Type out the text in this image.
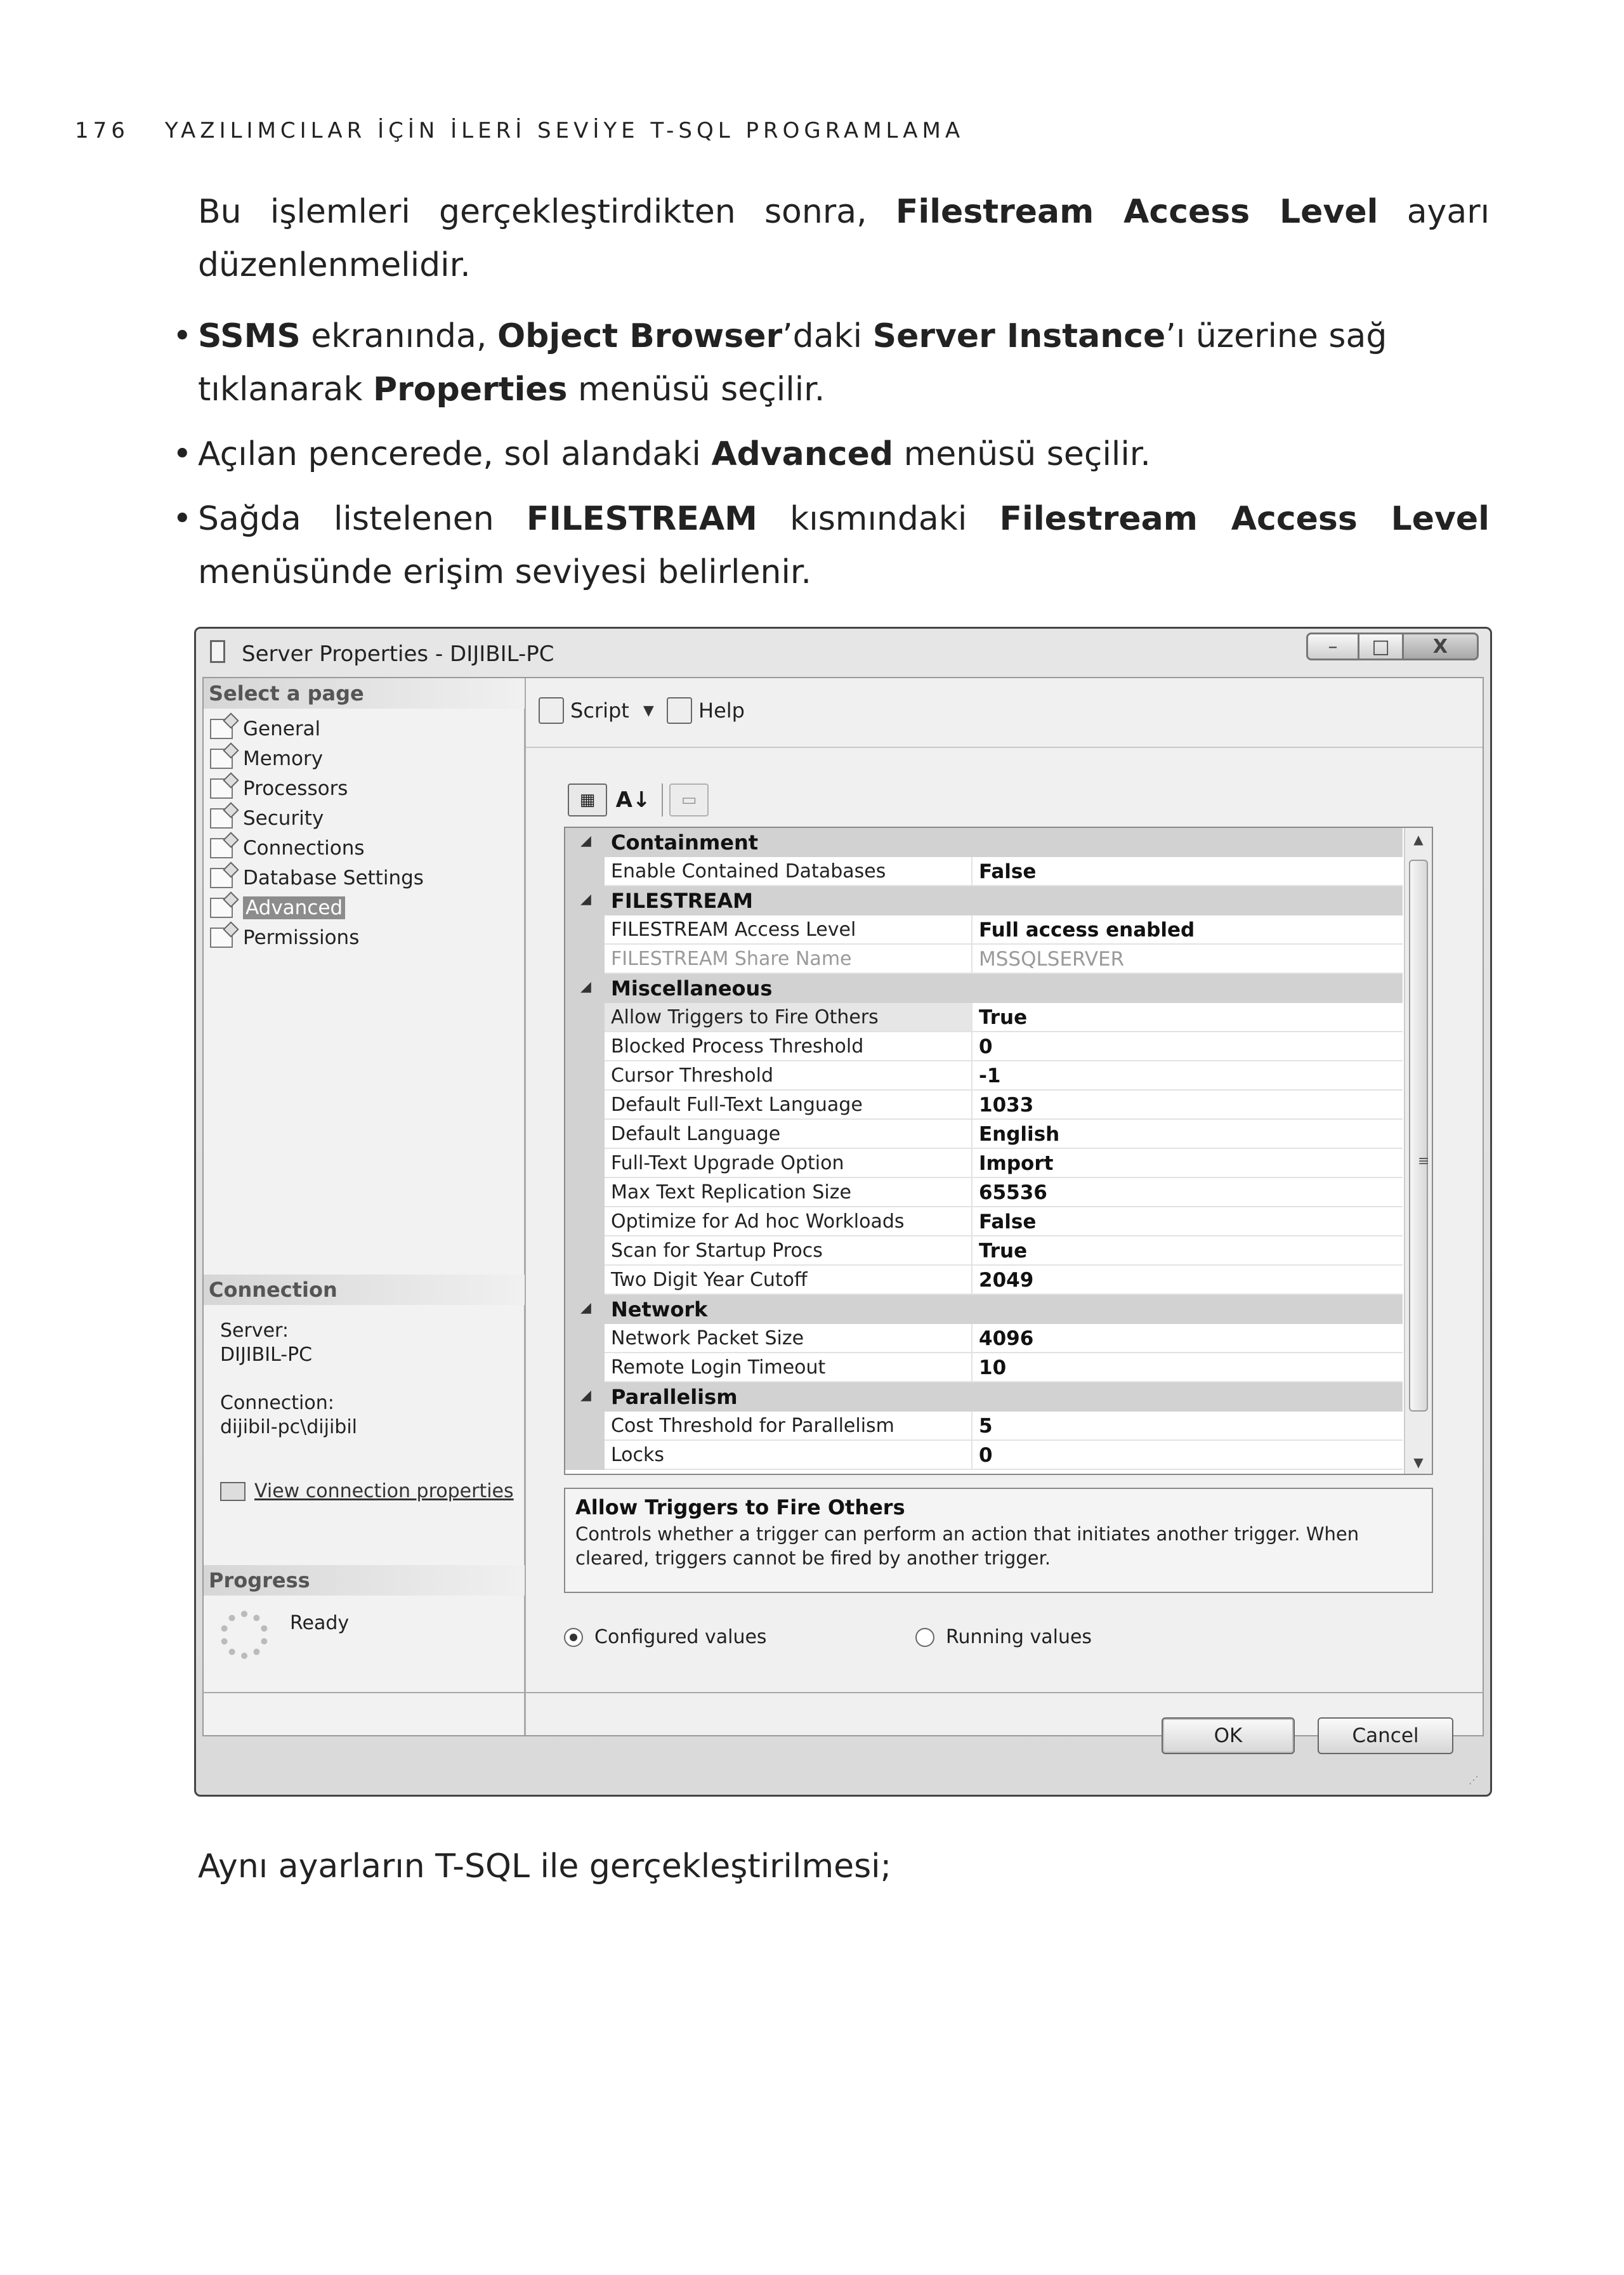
176 YAZILIMCILAR İÇİN İLERİ SEVİYE T-SQL PROGRAMLAMA
Bu işlemleri gerçekleştirdikten sonra, Filestream Access Level ayarı düzenlenmelidir.
• SSMS ekranında, Object Browser’daki Server Instance’ı üzerine sağ tıklanarak Properties menüsü seçilir.
• Açılan pencerede, sol alandaki Advanced menüsü seçilir.
• Sağda listelenen FILESTREAM kısmındaki Filestream Access Level menüsünde erişim seviyesi belirlenir.
Server Properties - DIJIBIL-PC	–	□	X
Select a page
General
Memory
Processors
Security
Connections
Database Settings
Advanced
Permissions
Connection
Server:
DIJIBIL-PC
Connection:
dijibil-pc\dijibil
View connection properties
Progress
Ready
Script ▼ Help
▦ A↓	▭
◢ Containment
Enable Contained Databases	False
◢ FILESTREAM
FILESTREAM Access Level	Full access enabled
FILESTREAM Share Name	MSSQLSERVER
◢ Miscellaneous
Allow Triggers to Fire Others	True
Blocked Process Threshold	0
Cursor Threshold	-1
Default Full-Text Language	1033
Default Language	English
Full-Text Upgrade Option	Import
Max Text Replication Size	65536
Optimize for Ad hoc Workloads	False
Scan for Startup Procs	True
Two Digit Year Cutoff	2049
◢ Network
Network Packet Size	4096
Remote Login Timeout	10
◢ Parallelism
Cost Threshold for Parallelism	5
Locks	0
▲
≡
▼
Allow Triggers to Fire Others
Controls whether a trigger can perform an action that initiates another trigger. When cleared, triggers cannot be fired by another trigger.
Configured values	Running values
OK	Cancel
⋰
Aynı ayarların T-SQL ile gerçekleştirilmesi;
